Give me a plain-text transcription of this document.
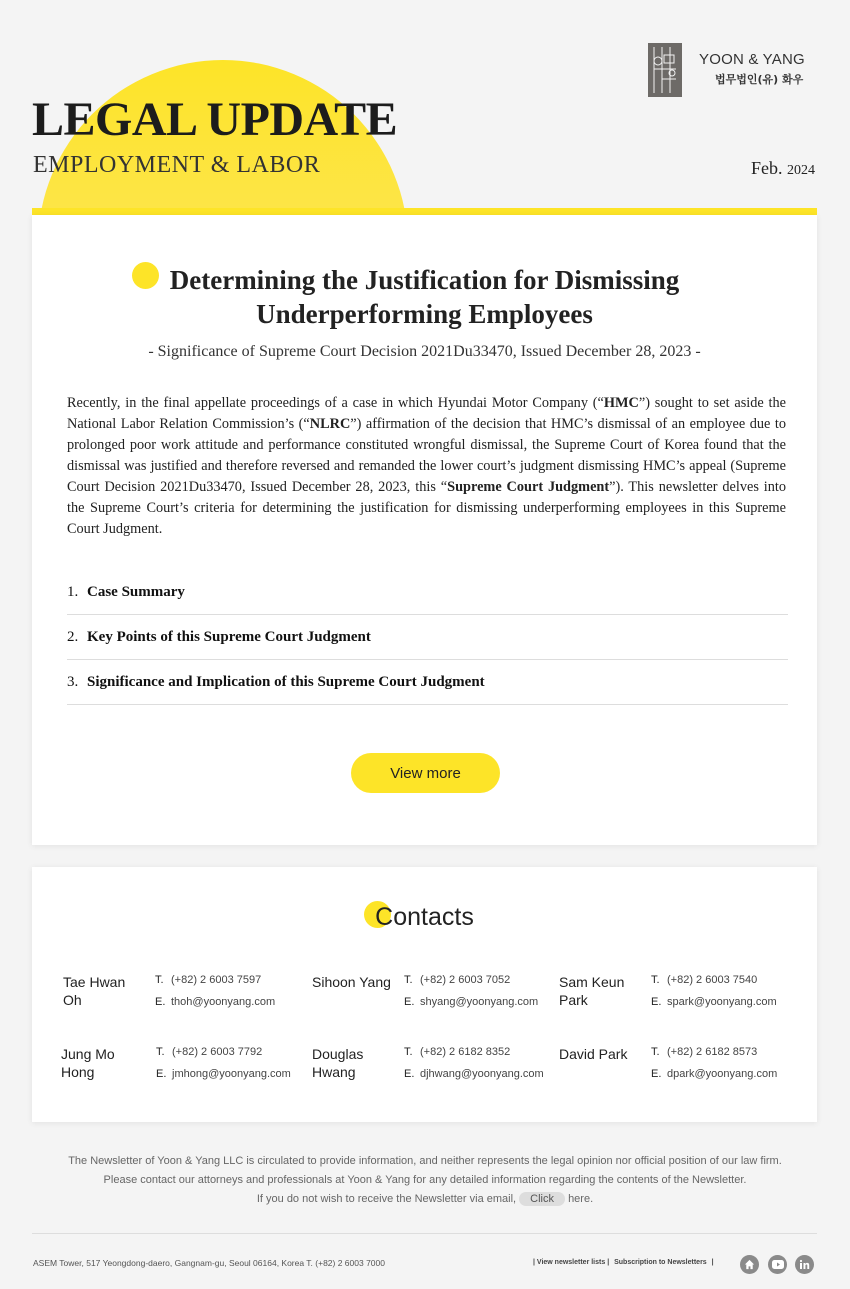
LEGAL UPDATE
EMPLOYMENT & LABOR
YOON & YANG
법무법인(유) 화우
Feb. 2024
Determining the Justification for Dismissing
Underperforming Employees
- Significance of Supreme Court Decision 2021Du33470, Issued December 28, 2023 -

Recently, in the final appellate proceedings of a case in which Hyundai Motor Company (“HMC”) sought to set aside the National Labor Relation Commission’s (“NLRC”) affirmation of the decision that HMC’s dismissal of an employee due to prolonged poor work attitude and performance constituted wrongful dismissal, the Supreme Court of Korea found that the dismissal was justified and therefore reversed and remanded the lower court’s judgment dismissing HMC’s appeal (Supreme Court Decision 2021Du33470, Issued December 28, 2023, this “Supreme Court Judgment”). This newsletter delves into the Supreme Court’s criteria for determining the justification for dismissing underperforming employees in this Supreme Court Judgment.

1. Case Summary
2. Key Points of this Supreme Court Judgment
3. Significance and Implication of this Supreme Court Judgment
View more
Contacts
Tae Hwan Oh
T. (+82) 2 6003 7597
E. thoh@yoonyang.com
Sihoon Yang T. (+82) 2 6003 7052
E. shyang@yoonyang.com
Sam Keun Park
T. (+82) 2 6003 7540
E. spark@yoonyang.com
Jung Mo Hong
T. (+82) 2 6003 7792
E. jmhong@yoonyang.com
Douglas Hwang
T. (+82) 2 6182 8352
E. djhwang@yoonyang.com
David Park	T. (+82) 2 6182 8573
E. dpark@yoonyang.com
The Newsletter of Yoon & Yang LLC is circulated to provide information, and neither represents the legal opinion nor official position of our law firm.
Please contact our attorneys and professionals at Yoon & Yang for any detailed information regarding the contents of the Newsletter.
If you do not wish to receive the Newsletter via email, Click here.
ASEM Tower, 517 Yeongdong-daero, Gangnam-gu, Seoul 06164, Korea T. (+82) 2 6003 7000	| View newsletter lists | Subscription to Newsletters |
